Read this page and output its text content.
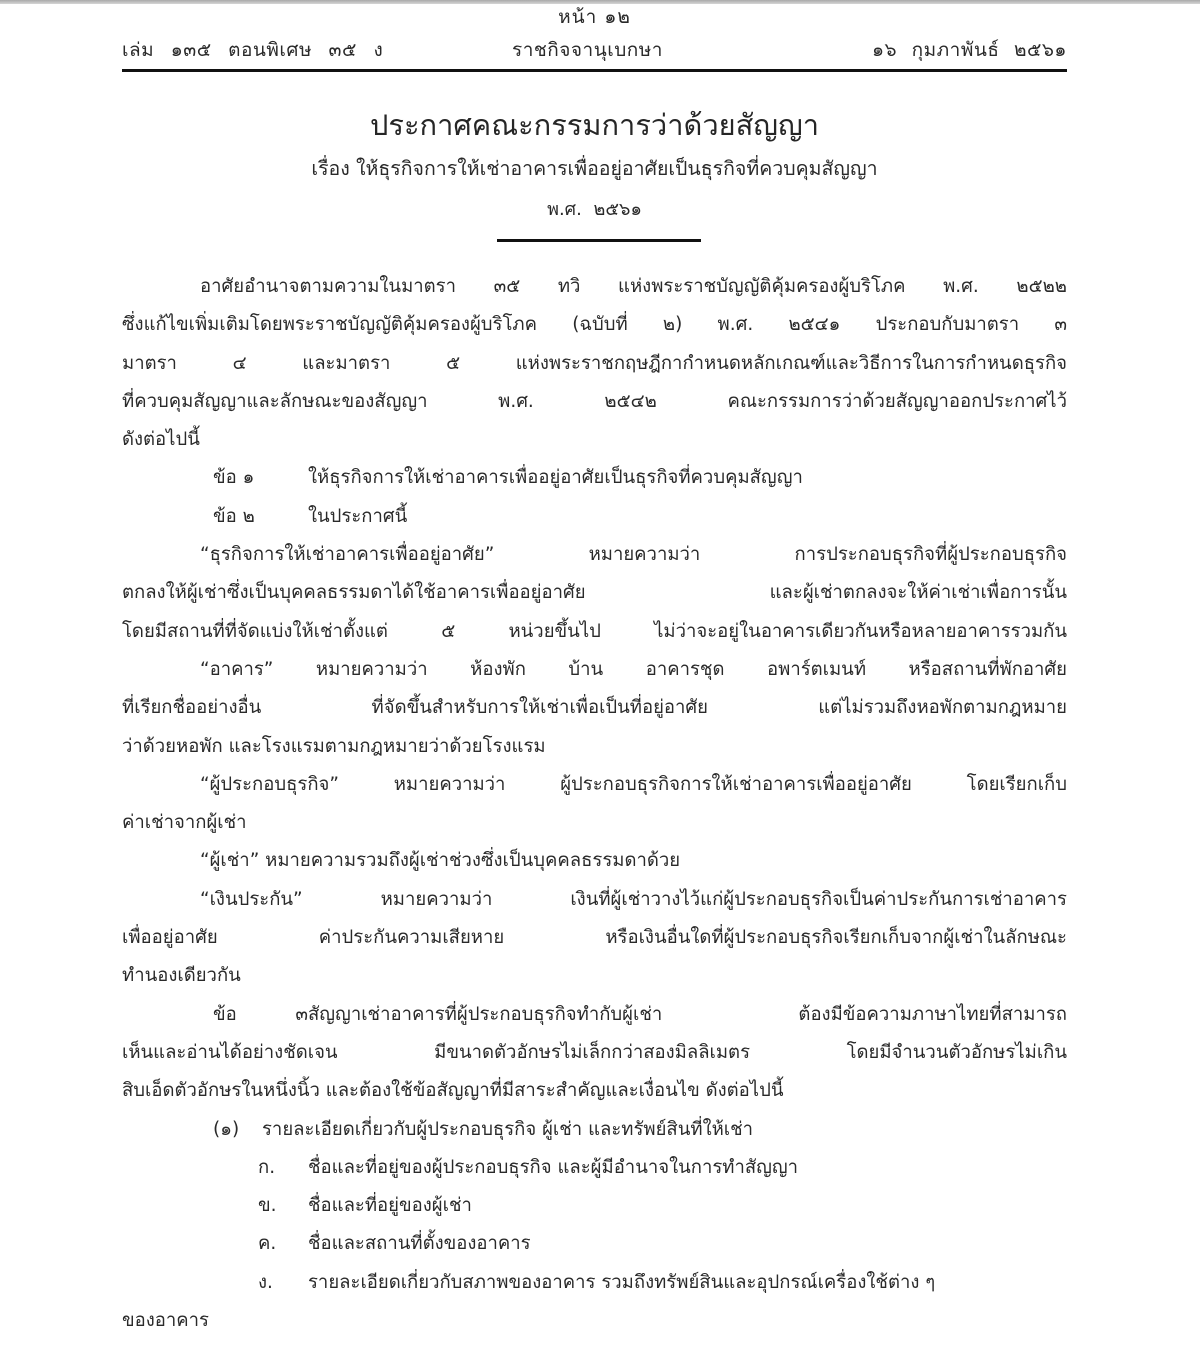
หน้า ๑๒
เล่ม ๑๓๕ ตอนพิเศษ ๓๕ ง	ราชกิจจานุเบกษา	๑๖ กุมภาพันธ์ ๒๕๖๑
ประกาศคณะกรรมการว่าด้วยสัญญา
เรื่อง ให้ธุรกิจการให้เช่าอาคารเพื่ออยู่อาศัยเป็นธุรกิจที่ควบคุมสัญญา
พ.ศ. ๒๕๖๑
อาศัยอำนาจตามความในมาตรา ๓๕ ทวิ แห่งพระราชบัญญัติคุ้มครองผู้บริโภค พ.ศ. ๒๕๒๒
ซึ่งแก้ไขเพิ่มเติมโดยพระราชบัญญัติคุ้มครองผู้บริโภค (ฉบับที่ ๒) พ.ศ. ๒๕๔๑ ประกอบกับมาตรา ๓
มาตรา ๔ และมาตรา ๕ แห่งพระราชกฤษฎีกากำหนดหลักเกณฑ์และวิธีการในการกำหนดธุรกิจ
ที่ควบคุมสัญญาและลักษณะของสัญญา พ.ศ. ๒๕๔๒ คณะกรรมการว่าด้วยสัญญาออกประกาศไว้
ดังต่อไปนี้
ข้อ ๑	ให้ธุรกิจการให้เช่าอาคารเพื่ออยู่อาศัยเป็นธุรกิจที่ควบคุมสัญญา
ข้อ ๒	ในประกาศนี้
“ธุรกิจการให้เช่าอาคารเพื่ออยู่อาศัย” หมายความว่า การประกอบธุรกิจที่ผู้ประกอบธุรกิจ
ตกลงให้ผู้เช่าซึ่งเป็นบุคคลธรรมดาได้ใช้อาคารเพื่ออยู่อาศัย และผู้เช่าตกลงจะให้ค่าเช่าเพื่อการนั้น
โดยมีสถานที่ที่จัดแบ่งให้เช่าตั้งแต่ ๕ หน่วยขึ้นไป ไม่ว่าจะอยู่ในอาคารเดียวกันหรือหลายอาคารรวมกัน
“อาคาร” หมายความว่า ห้องพัก บ้าน อาคารชุด อพาร์ตเมนท์ หรือสถานที่พักอาศัย
ที่เรียกชื่ออย่างอื่น ที่จัดขึ้นสำหรับการให้เช่าเพื่อเป็นที่อยู่อาศัย แต่ไม่รวมถึงหอพักตามกฎหมาย
ว่าด้วยหอพัก และโรงแรมตามกฎหมายว่าด้วยโรงแรม
“ผู้ประกอบธุรกิจ” หมายความว่า ผู้ประกอบธุรกิจการให้เช่าอาคารเพื่ออยู่อาศัย โดยเรียกเก็บ
ค่าเช่าจากผู้เช่า
“ผู้เช่า” หมายความรวมถึงผู้เช่าช่วงซึ่งเป็นบุคคลธรรมดาด้วย
“เงินประกัน” หมายความว่า เงินที่ผู้เช่าวางไว้แก่ผู้ประกอบธุรกิจเป็นค่าประกันการเช่าอาคาร
เพื่ออยู่อาศัย ค่าประกันความเสียหาย หรือเงินอื่นใดที่ผู้ประกอบธุรกิจเรียกเก็บจากผู้เช่าในลักษณะ
ทำนองเดียวกัน
ข้อ ๓สัญญาเช่าอาคารที่ผู้ประกอบธุรกิจทำกับผู้เช่า ต้องมีข้อความภาษาไทยที่สามารถ
เห็นและอ่านได้อย่างชัดเจน มีขนาดตัวอักษรไม่เล็กกว่าสองมิลลิเมตร โดยมีจำนวนตัวอักษรไม่เกิน
สิบเอ็ดตัวอักษรในหนึ่งนิ้ว และต้องใช้ข้อสัญญาที่มีสาระสำคัญและเงื่อนไข ดังต่อไปนี้
(๑) รายละเอียดเกี่ยวกับผู้ประกอบธุรกิจ ผู้เช่า และทรัพย์สินที่ให้เช่า
ก. ชื่อและที่อยู่ของผู้ประกอบธุรกิจ และผู้มีอำนาจในการทำสัญญา
ข. ชื่อและที่อยู่ของผู้เช่า
ค. ชื่อและสถานที่ตั้งของอาคาร
ง. รายละเอียดเกี่ยวกับสภาพของอาคาร รวมถึงทรัพย์สินและอุปกรณ์เครื่องใช้ต่าง ๆ
ของอาคาร
